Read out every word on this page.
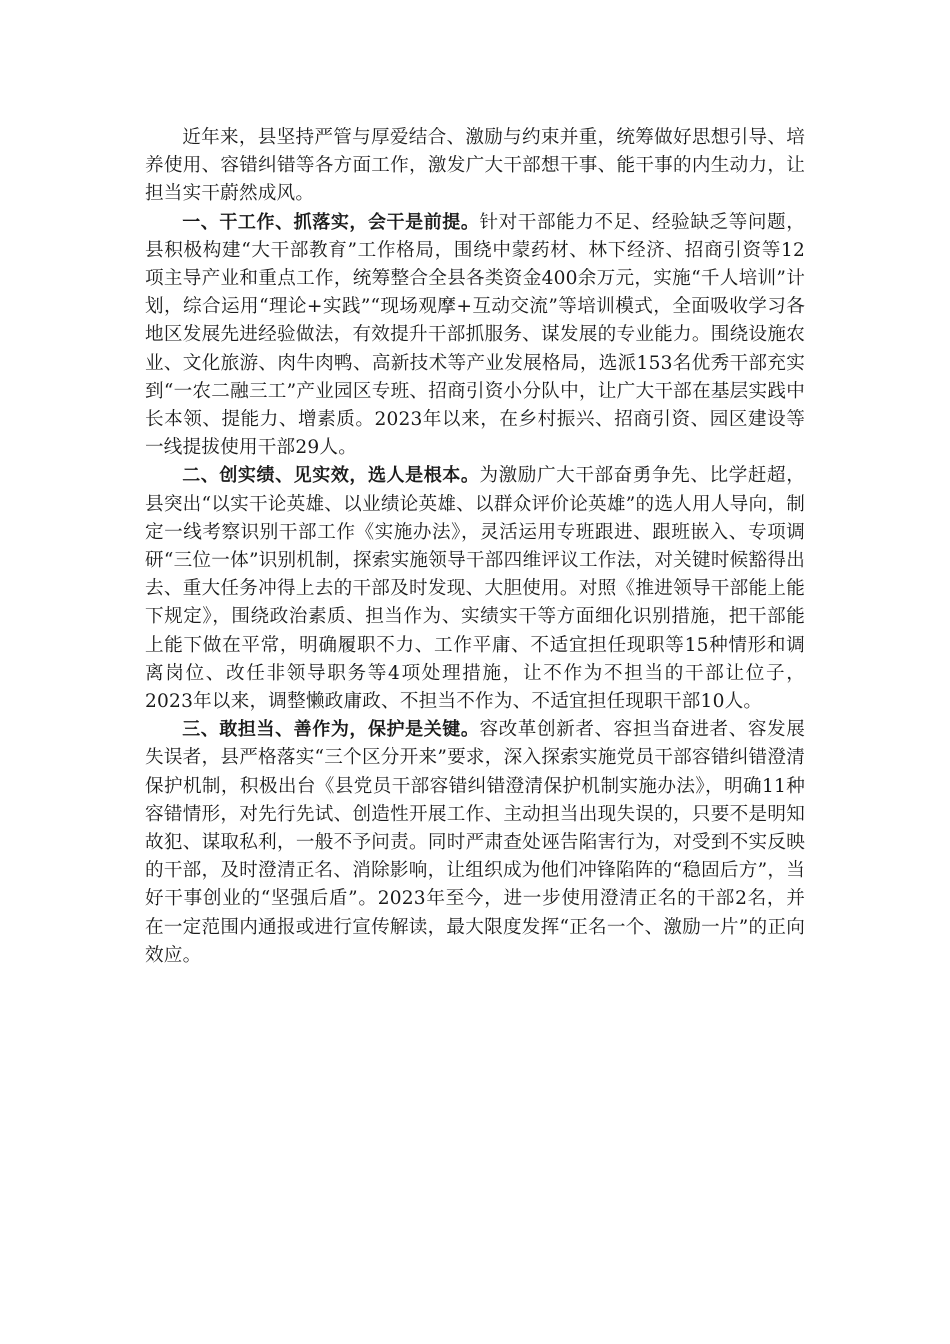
近年来，县坚持严管与厚爱结合、激励与约束并重，统筹做好思想引导、培养使用、容错纠错等各方面工作，激发广大干部想干事、能干事的内生动力，让担当实干蔚然成风。

一、干工作、抓落实，会干是前提。针对干部能力不足、经验缺乏等问题，县积极构建“大干部教育”工作格局，围绕中蒙药材、林下经济、招商引资等12项主导产业和重点工作，统筹整合全县各类资金400余万元，实施“千人培训”计划，综合运用“理论+实践”“现场观摩+互动交流”等培训模式，全面吸收学习各地区发展先进经验做法，有效提升干部抓服务、谋发展的专业能力。围绕设施农业、文化旅游、肉牛肉鸭、高新技术等产业发展格局，选派153名优秀干部充实到“一农二融三工”产业园区专班、招商引资小分队中，让广大干部在基层实践中长本领、提能力、增素质。2023年以来，在乡村振兴、招商引资、园区建设等一线提拔使用干部29人。

二、创实绩、见实效，选人是根本。为激励广大干部奋勇争先、比学赶超，县突出“以实干论英雄、以业绩论英雄、以群众评价论英雄”的选人用人导向，制定一线考察识别干部工作《实施办法》，灵活运用专班跟进、跟班嵌入、专项调研“三位一体”识别机制，探索实施领导干部四维评议工作法，对关键时候豁得出去、重大任务冲得上去的干部及时发现、大胆使用。对照《推进领导干部能上能下规定》，围绕政治素质、担当作为、实绩实干等方面细化识别措施，把干部能上能下做在平常，明确履职不力、工作平庸、不适宜担任现职等15种情形和调离岗位、改任非领导职务等4项处理措施，让不作为不担当的干部让位子，2023年以来，调整懒政庸政、不担当不作为、不适宜担任现职干部10人。

三、敢担当、善作为，保护是关键。容改革创新者、容担当奋进者、容发展失误者，县严格落实“三个区分开来”要求，深入探索实施党员干部容错纠错澄清保护机制，积极出台《县党员干部容错纠错澄清保护机制实施办法》，明确11种容错情形，对先行先试、创造性开展工作、主动担当出现失误的，只要不是明知故犯、谋取私利，一般不予问责。同时严肃查处诬告陷害行为，对受到不实反映的干部，及时澄清正名、消除影响，让组织成为他们冲锋陷阵的“稳固后方”，当好干事创业的“坚强后盾”。2023年至今，进一步使用澄清正名的干部2名，并在一定范围内通报或进行宣传解读，最大限度发挥“正名一个、激励一片”的正向效应。
